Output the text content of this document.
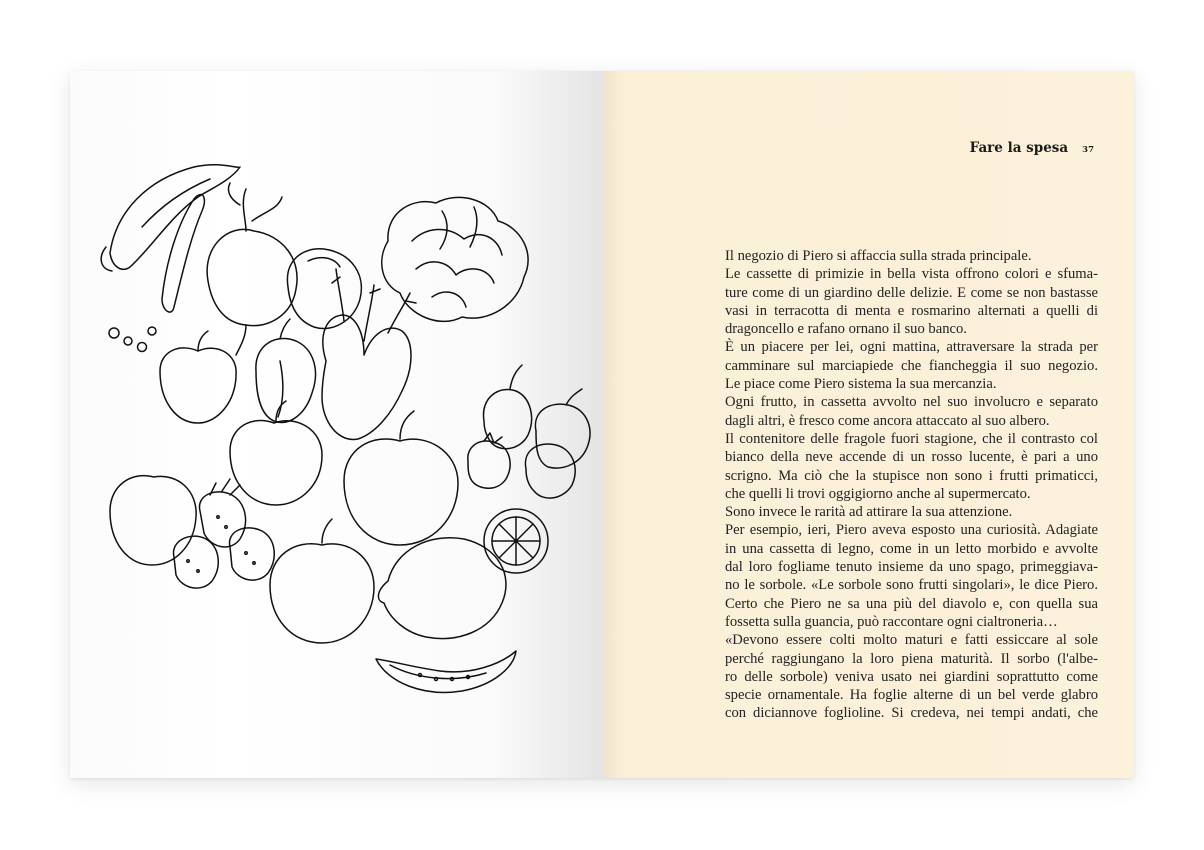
Fare la spesa 37
Il negozio di Piero si affaccia sulla strada principale.
Le cassette di primizie in bella vista offrono colori e sfuma-
ture come di un giardino delle delizie. E come se non bastasse
vasi in terracotta di menta e rosmarino alternati a quelli di
dragoncello e rafano ornano il suo banco.
È un piacere per lei, ogni mattina, attraversare la strada per
camminare sul marciapiede che fiancheggia il suo negozio.
Le piace come Piero sistema la sua mercanzia.
Ogni frutto, in cassetta avvolto nel suo involucro e separato
dagli altri, è fresco come ancora attaccato al suo albero.
Il contenitore delle fragole fuori stagione, che il contrasto col
bianco della neve accende di un rosso lucente, è pari a uno
scrigno. Ma ciò che la stupisce non sono i frutti primaticci,
che quelli li trovi oggigiorno anche al supermercato.
Sono invece le rarità ad attirare la sua attenzione.
Per esempio, ieri, Piero aveva esposto una curiosità. Adagiate
in una cassetta di legno, come in un letto morbido e avvolte
dal loro fogliame tenuto insieme da uno spago, primeggiava-
no le sorbole. «Le sorbole sono frutti singolari», le dice Piero.
Certo che Piero ne sa una più del diavolo e, con quella sua
fossetta sulla guancia, può raccontare ogni cialtroneria…
«Devono essere colti molto maturi e fatti essiccare al sole
perché raggiungano la loro piena maturità. Il sorbo (l'albe-
ro delle sorbole) veniva usato nei giardini soprattutto come
specie ornamentale. Ha foglie alterne di un bel verde glabro
con diciannove foglioline. Si credeva, nei tempi andati, che
